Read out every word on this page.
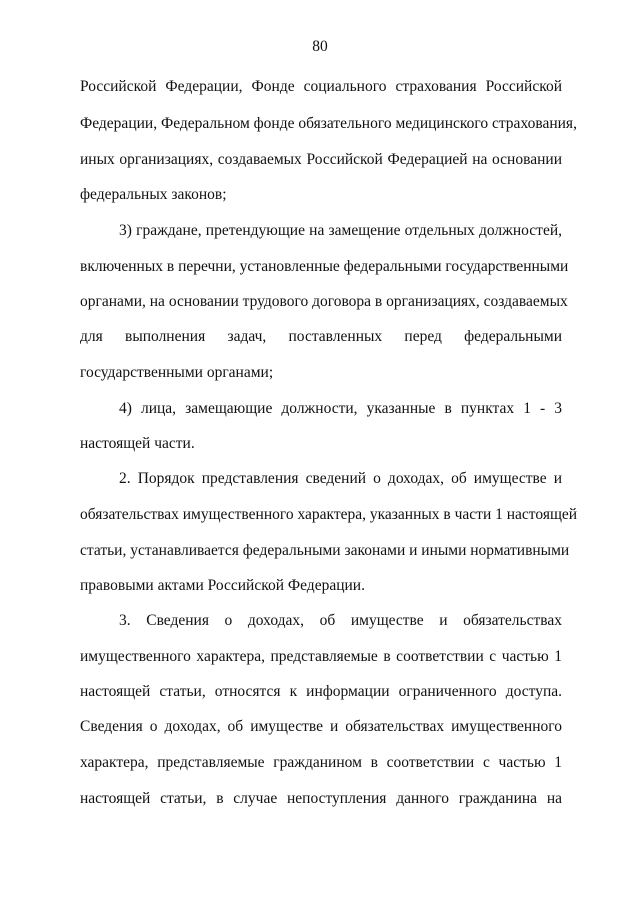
80
Российской Федерации, Фонде социального страхования Российской
Федерации, Федеральном фонде обязательного медицинского страхования,
иных организациях, создаваемых Российской Федерацией на основании
федеральных законов;
3) граждане, претендующие на замещение отдельных должностей,
включенных в перечни, установленные федеральными государственными
органами, на основании трудового договора в организациях, создаваемых
для выполнения задач, поставленных перед федеральными
государственными органами;
4) лица, замещающие должности, указанные в пунктах 1 - 3
настоящей части.
2. Порядок представления сведений о доходах, об имуществе и
обязательствах имущественного характера, указанных в части 1 настоящей
статьи, устанавливается федеральными законами и иными нормативными
правовыми актами Российской Федерации.
3. Сведения о доходах, об имуществе и обязательствах
имущественного характера, представляемые в соответствии с частью 1
настоящей статьи, относятся к информации ограниченного доступа.
Сведения о доходах, об имуществе и обязательствах имущественного
характера, представляемые гражданином в соответствии с частью 1
настоящей статьи, в случае непоступления данного гражданина на
